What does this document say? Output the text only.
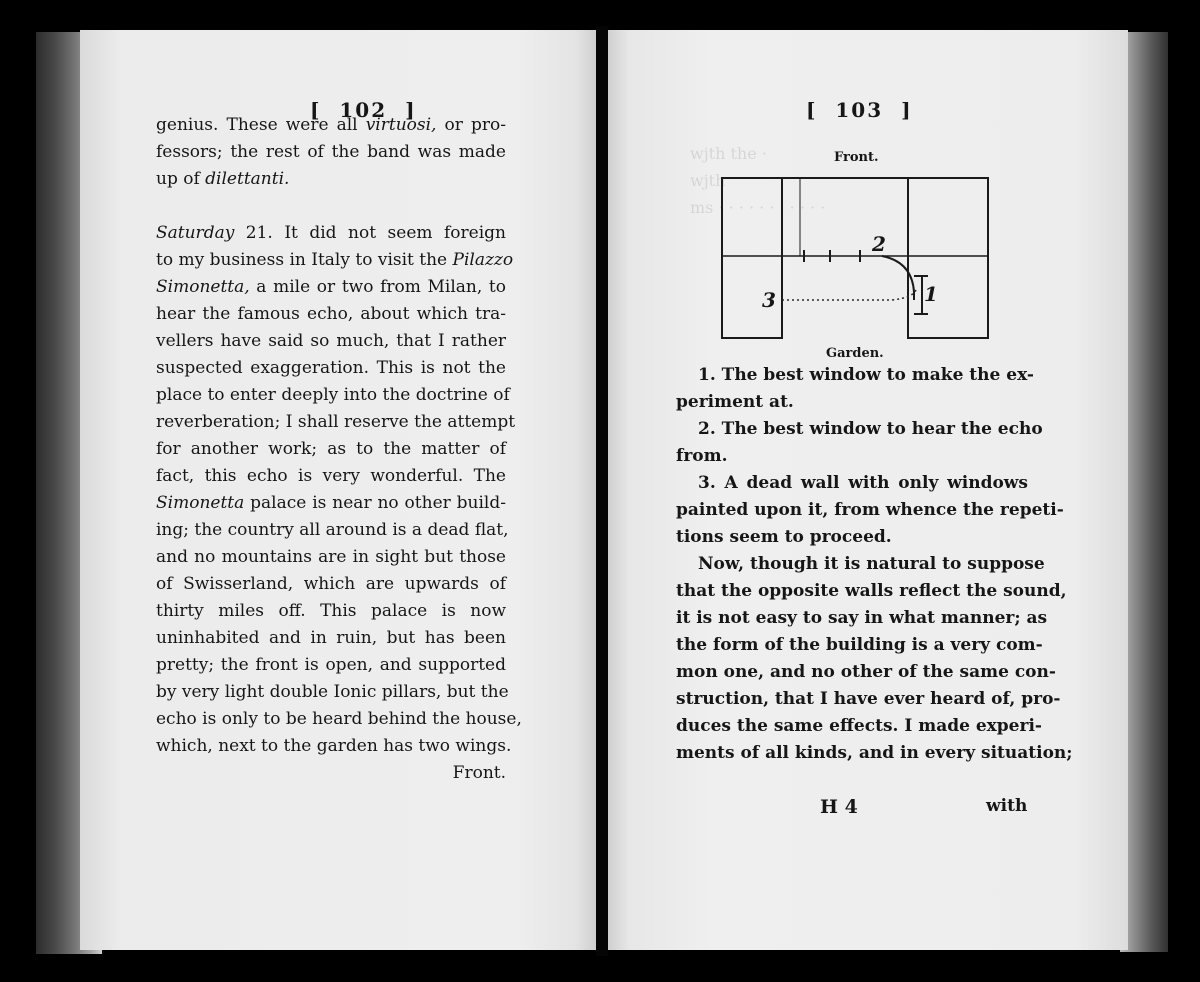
wjth the ·
wjth
ms · · · · · · · · · · ·
[  102  ]
genius. These were all virtuosi, or pro-
fessors; the rest of the band was made
up of dilettanti.
Saturday 21. It did not seem foreign
to my business in Italy to visit the Pilazzo
Simonetta, a mile or two from Milan, to
hear the famous echo, about which tra-
vellers have said so much, that I rather
suspected exaggeration. This is not the
place to enter deeply into the doctrine of
reverberation; I shall reserve the attempt
for another work; as to the matter of
fact, this echo is very wonderful. The
Simonetta palace is near no other build-
ing; the country all around is a dead flat,
and no mountains are in sight but those
of Swisserland, which are upwards of
thirty miles off. This palace is now
uninhabited and in ruin, but has been
pretty; the front is open, and supported
by very light double Ionic pillars, but the
echo is only to be heard behind the house,
which, next to the garden has two wings.
Front.
[  103  ]
Front.
1
2
3
Garden.
1. The best window to make the ex-
periment at.
2. The best window to hear the echo
from.
3. A dead wall with only windows
painted upon it, from whence the repeti-
tions seem to proceed.
Now, though it is natural to suppose
that the opposite walls reflect the sound,
it is not easy to say in what manner; as
the form of the building is a very com-
mon one, and no other of the same con-
struction, that I have ever heard of, pro-
duces the same effects. I made experi-
ments of all kinds, and in every situation;
H 4	with
